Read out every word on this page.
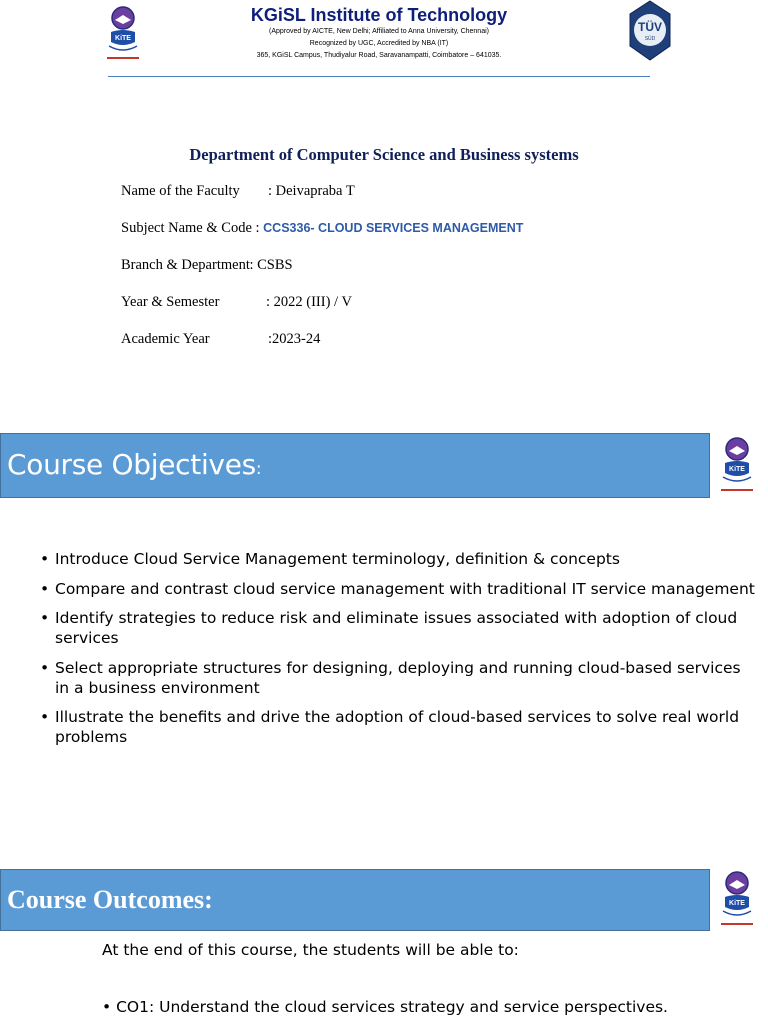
KiTE
KGiSL Institute of Technology
(Approved by AICTE, New Delhi; Affiliated to Anna University, Chennai)
Recognized by UGC, Accredited by NBA (IT)
365, KGiSL Campus, Thudiyalur Road, Saravanampatti, Coimbatore – 641035.
TÜV
SÜD
Department of Computer Science and Business systems
Name of the Faculty : Deivapraba T
Subject Name & Code : CCS336- CLOUD SERVICES MANAGEMENT
Branch & Department : CSBS
Year & Semester	: 2022 (III) / V
Academic Year	:2023-24
Course Objectives:	KiTE
• Introduce Cloud Service Management terminology, definition & concepts
• Compare and contrast cloud service management with traditional IT service management
• Identify strategies to reduce risk and eliminate issues associated with adoption of cloud services
• Select appropriate structures for designing, deploying and running cloud-based services in a business environment
• Illustrate the benefits and drive the adoption of cloud-based services to solve real world problems
Course Outcomes:	KiTE
At the end of this course, the students will be able to:
• CO1: Understand the cloud services strategy and service perspectives.
